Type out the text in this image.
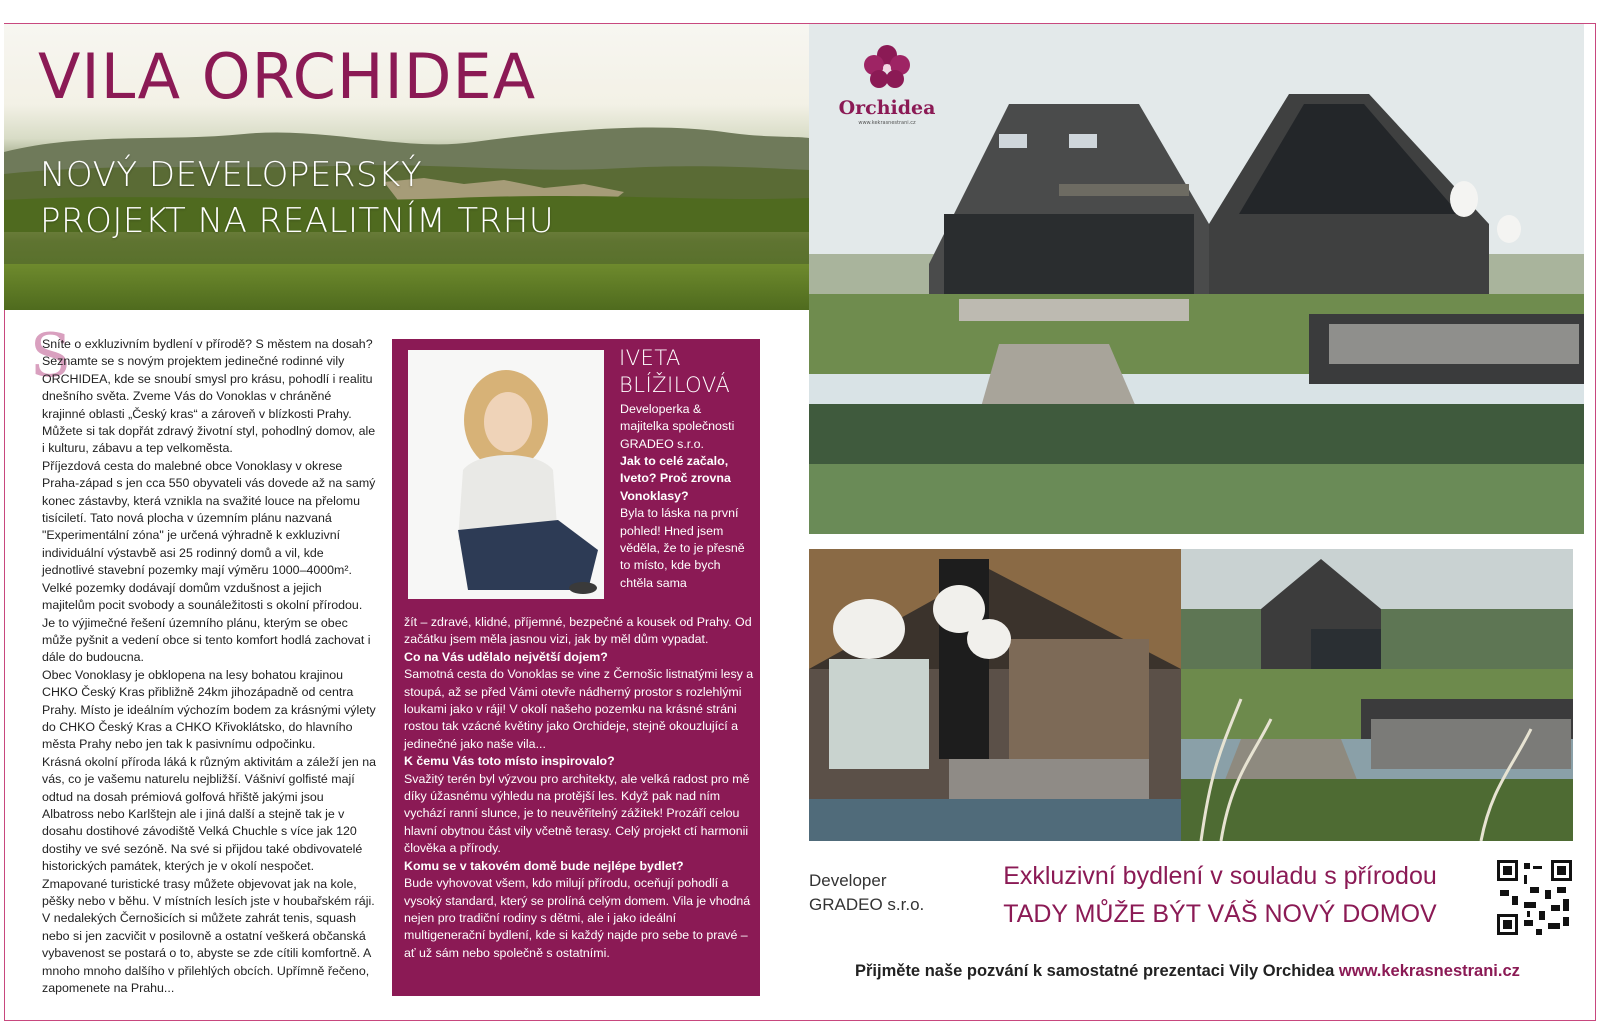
VILA ORCHIDEA
NOVÝ DEVELOPERSKÝ
PROJEKT NA REALITNÍM TRHU
Orchidea
www.kekrasnestrani.cz
S

Sníte o exkluzivním bydlení v přírodě? S městem na dosah? Seznamte se s novým projektem jedinečné rodinné vily ORCHIDEA, kde se snoubí smysl pro krásu, pohodlí i realitu dnešního světa. Zveme Vás do Vonoklas v chráněné krajinné oblasti „Český kras“ a zároveň v blízkosti Prahy. Můžete si tak dopřát zdravý životní styl, pohodlný domov, ale i kulturu, zábavu a tep velkoměsta.

Příjezdová cesta do malebné obce Vonoklasy v okrese Praha-západ s jen cca 550 obyvateli vás dovede až na samý konec zástavby, která vznikla na svažité louce na přelomu tisíciletí. Tato nová plocha v územním plánu nazvaná "Experimentální zóna" je určená výhradně k exkluzivní individuální výstavbě asi 25 rodinný domů a vil, kde jednotlivé stavební pozemky mají výměru 1000–4000m². Velké pozemky dodávají domům vzdušnost a jejich majitelům pocit svobody a sounáležitosti s okolní přírodou. Je to výjimečné řešení územního plánu, kterým se obec může pyšnit a vedení obce si tento komfort hodlá zachovat i dále do budoucna.

Obec Vonoklasy je obklopena na lesy bohatou krajinou CHKO Český Kras přibližně 24km jihozápadně od centra Prahy. Místo je ideálním výchozím bodem za krásnými výlety do CHKO Český Kras a CHKO Křivoklátsko, do hlavního města Prahy nebo jen tak k pasivnímu odpočinku.

Krásná okolní příroda láká k různým aktivitám a záleží jen na vás, co je vašemu naturelu nejbližší. Vášniví golfisté mají odtud na dosah prémiová golfová hřiště jakými jsou Albatross nebo Karlštejn ale i jiná další a stejně tak je v dosahu dostihové závodiště Velká Chuchle s více jak 120 dostihy ve své sezóně. Na své si přijdou také obdivovatelé historických památek, kterých je v okolí nespočet.

Zmapované turistické trasy můžete objevovat jak na kole, pěšky nebo v běhu. V místních lesích jste v houbařském ráji. V nedalekých Černošicích si můžete zahrát tenis, squash nebo si jen zacvičit v posilovně a ostatní veškerá občanská vybavenost se postará o to, abyste se zde cítili komfortně. A mnoho mnoho dalšího v přilehlých obcích. Upřímně řečeno, zapomenete na Prahu...

IVETA
BLÍŽILOVÁ
Developerka & majitelka společnosti GRADEO s.r.o.

Jak to celé začalo, Iveto? Proč zrovna Vonoklasy?

Byla to láska na první pohled! Hned jsem věděla, že to je přesně to místo, kde bych chtěla sama

žít – zdravé, klidné, příjemné, bezpečné a kousek od Prahy. Od začátku jsem měla jasnou vizi, jak by měl dům vypadat.

Co na Vás udělalo největší dojem?

Samotná cesta do Vonoklas se vine z Černošic listnatými lesy a stoupá, až se před Vámi otevře nádherný prostor s rozlehlými loukami jako v ráji! V okolí našeho pozemku na krásné stráni rostou tak vzácné květiny jako Orchideje, stejně okouzlující a jedinečné jako naše vila...

K čemu Vás toto místo inspirovalo?

Svažitý terén byl výzvou pro architekty, ale velká radost pro mě díky úžasnému výhledu na protější les. Když pak nad ním vychází ranní slunce, je to neuvěřitelný zážitek! Prozáří celou hlavní obytnou část vily včetně terasy. Celý projekt ctí harmonii člověka a přírody.

Komu se v takovém domě bude nejlépe bydlet?

Bude vyhovovat všem, kdo milují přírodu, oceňují pohodlí a vysoký standard, který se prolíná celým domem. Vila je vhodná nejen pro tradiční rodiny s dětmi, ale i jako ideální multigenerační bydlení, kde si každý najde pro sebe to pravé – ať už sám nebo společně s ostatními.

Developer
GRADEO s.r.o.
Exkluzivní bydlení v souladu s přírodou
TADY MŮŽE BÝT VÁŠ NOVÝ DOMOV
Přijměte naše pozvání k samostatné prezentaci Vily Orchidea www.kekrasnestrani.cz
